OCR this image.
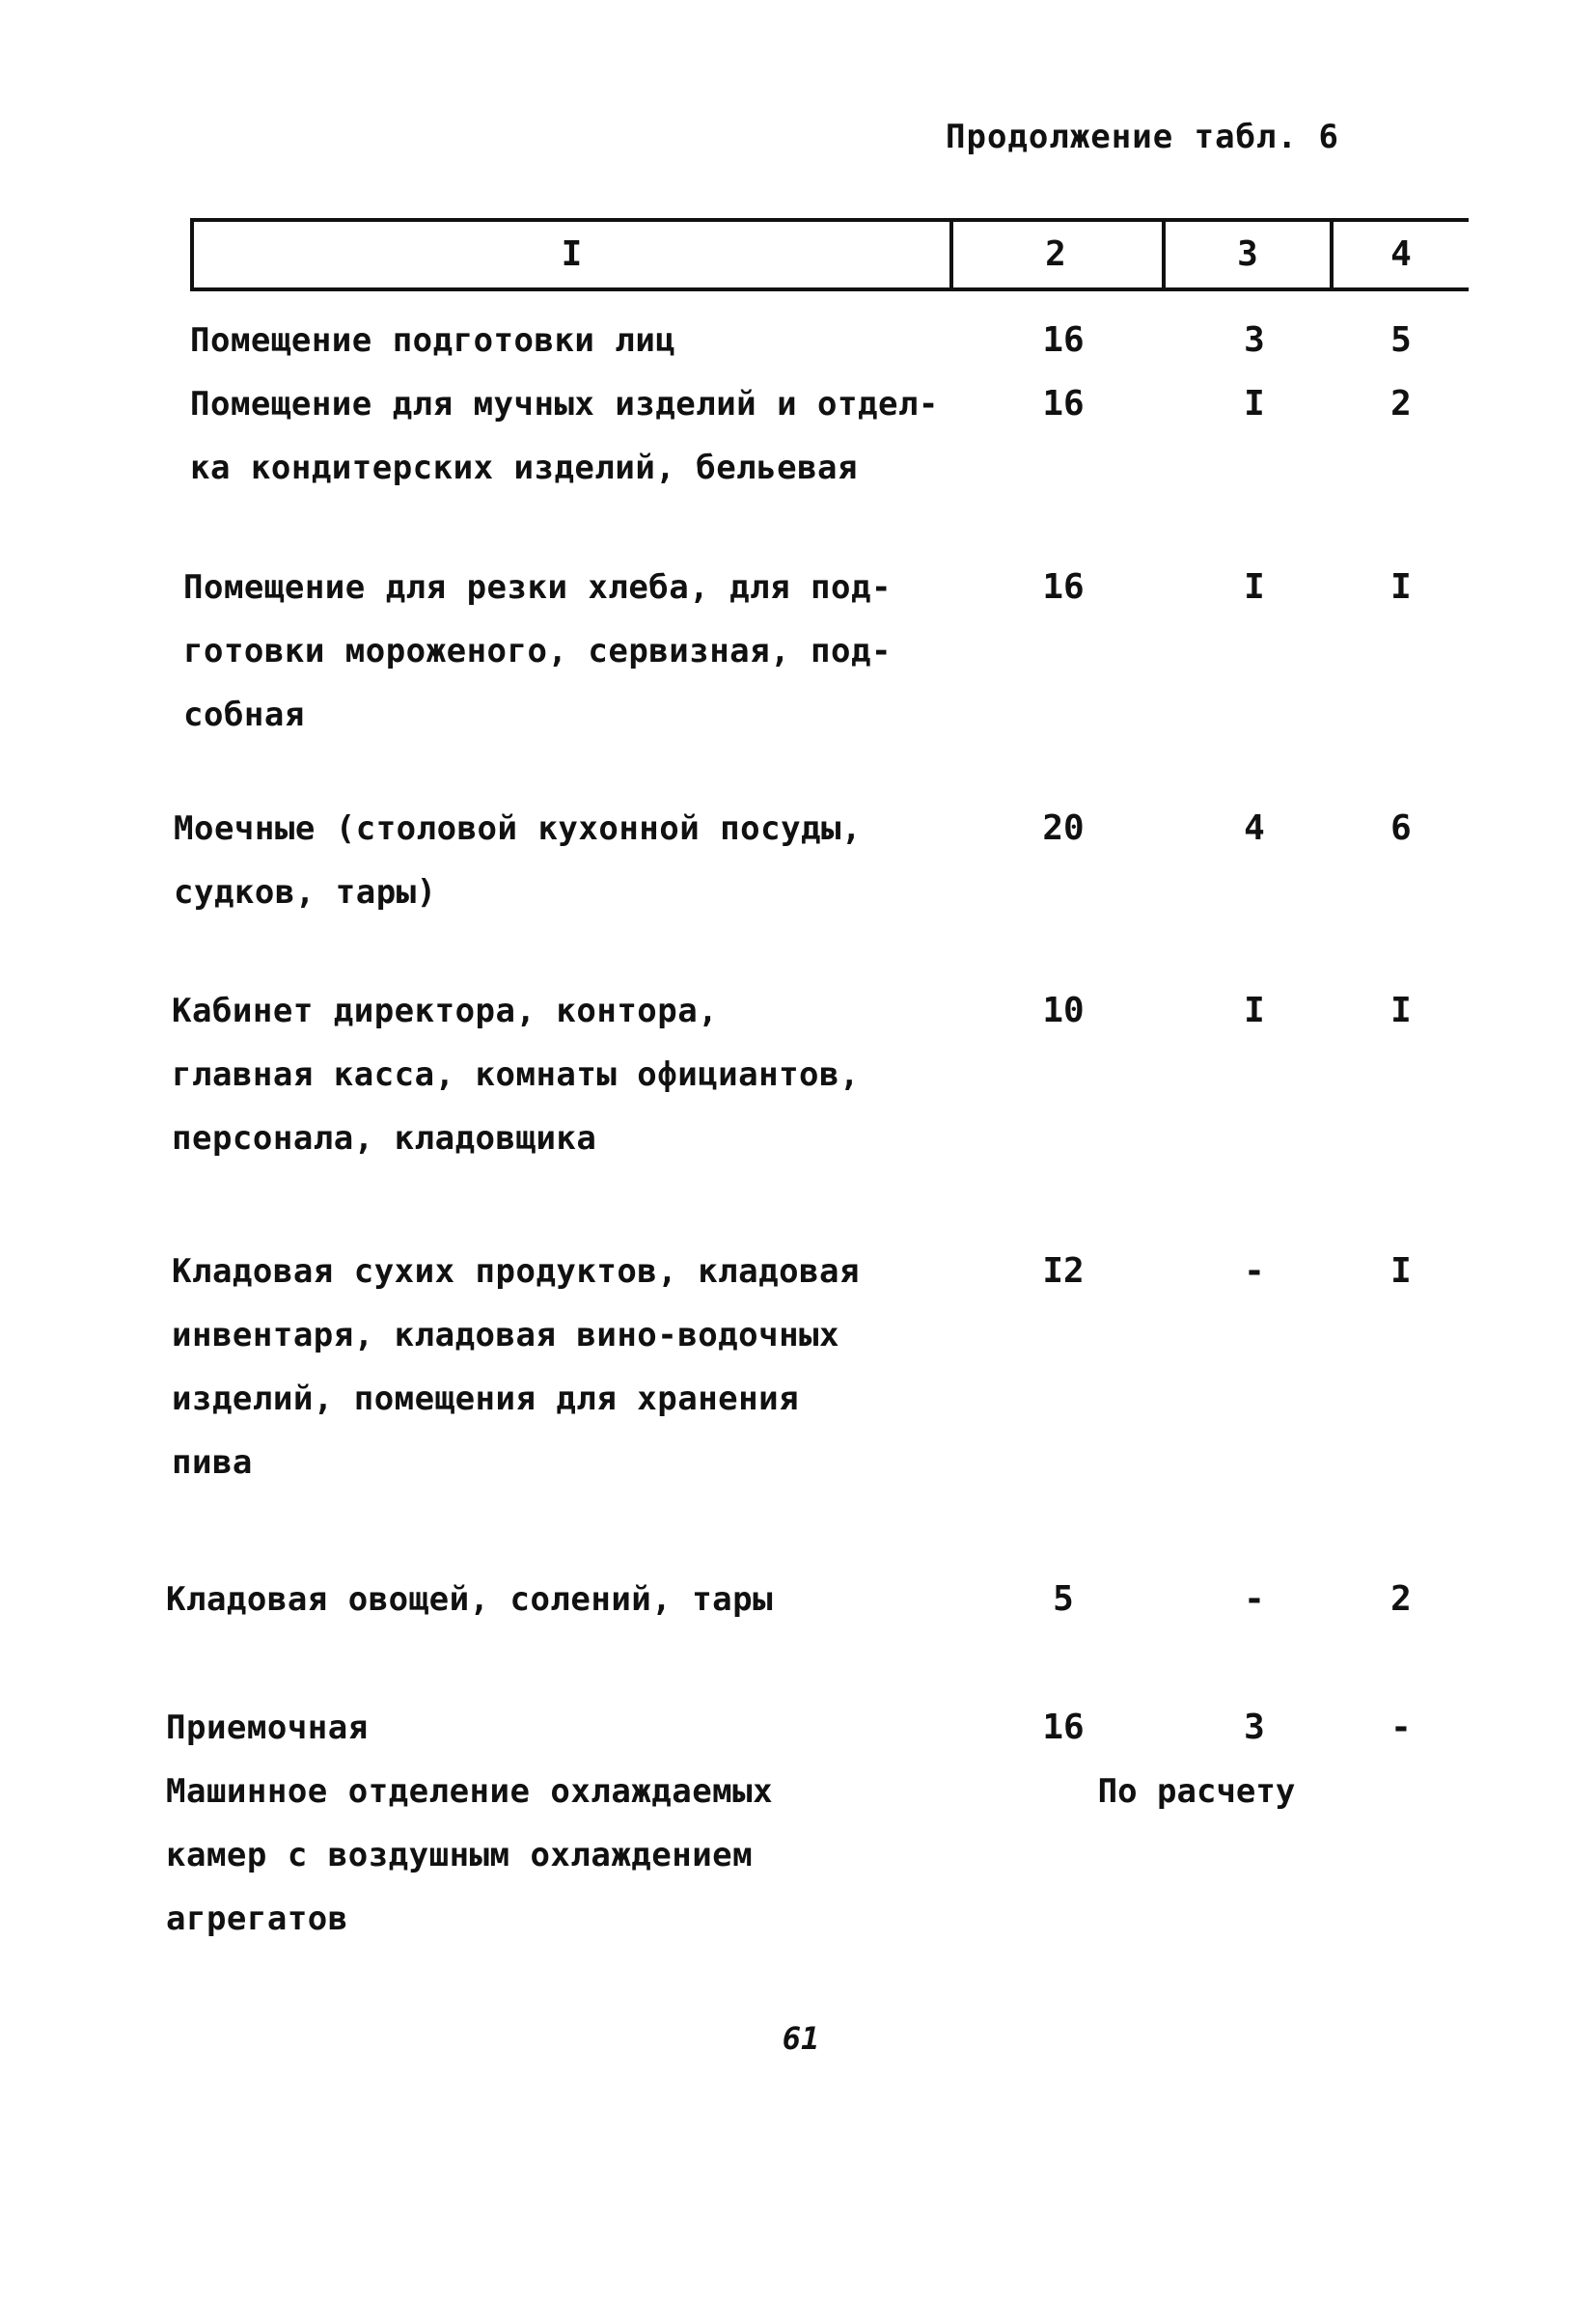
Продолжение табл. 6
I	2	3	4
Помещение подготовки лиц	16	3	5
Помещение для мучных изделий и отдел-
ка кондитерских изделий, бельевая
16	I	2
Помещение для резки хлеба, для под-
готовки мороженого, сервизная, под-
собная
16	I	I
Моечные (столовой кухонной посуды,
судков, тары)
20	4	6
Кабинет директора, контора,
главная касса, комнаты официантов,
персонала, кладовщика
10	I	I
Кладовая сухих продуктов, кладовая
инвентаря, кладовая вино-водочных
изделий, помещения для хранения
пива
I2	-	I
Кладовая овощей, солений, тары	5	-	2
Приемочная	16	3	-
Машинное отделение охлаждаемых
камер с воздушным охлаждением
агрегатов
По расчету
61
